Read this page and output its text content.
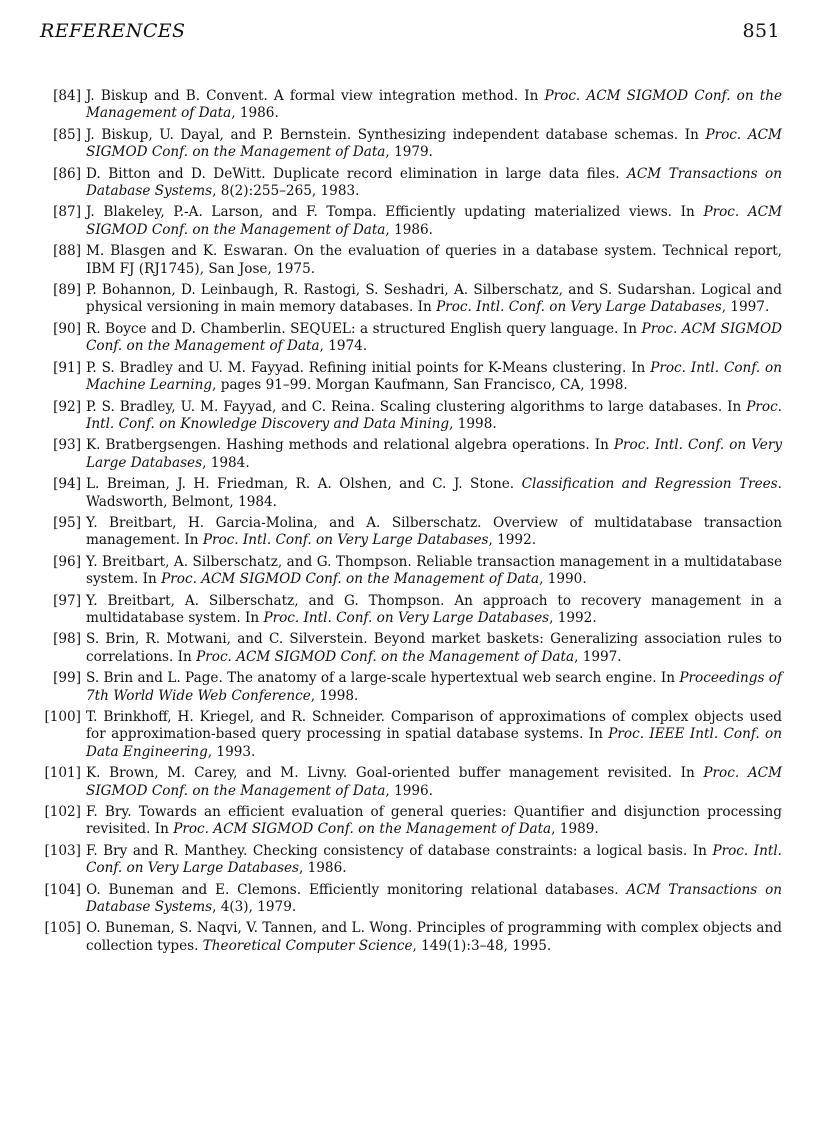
REFERENCES	851
[84] J. Biskup and B. Convent. A formal view integration method. In Proc. ACM SIGMOD Conf. on the Management of Data, 1986.
[85] J. Biskup, U. Dayal, and P. Bernstein. Synthesizing independent database schemas. In Proc. ACM SIGMOD Conf. on the Management of Data, 1979.
[86] D. Bitton and D. DeWitt. Duplicate record elimination in large data files. ACM Transactions on Database Systems, 8(2):255–265, 1983.
[87] J. Blakeley, P.-A. Larson, and F. Tompa. Efficiently updating materialized views. In Proc. ACM SIGMOD Conf. on the Management of Data, 1986.
[88] M. Blasgen and K. Eswaran. On the evaluation of queries in a database system. Technical report, IBM FJ (RJ1745), San Jose, 1975.
[89] P. Bohannon, D. Leinbaugh, R. Rastogi, S. Seshadri, A. Silberschatz, and S. Sudarshan. Logical and physical versioning in main memory databases. In Proc. Intl. Conf. on Very Large Databases, 1997.
[90] R. Boyce and D. Chamberlin. SEQUEL: a structured English query language. In Proc. ACM SIGMOD Conf. on the Management of Data, 1974.
[91] P. S. Bradley and U. M. Fayyad. Refining initial points for K-Means clustering. In Proc. Intl. Conf. on Machine Learning, pages 91–99. Morgan Kaufmann, San Francisco, CA, 1998.
[92] P. S. Bradley, U. M. Fayyad, and C. Reina. Scaling clustering algorithms to large databases. In Proc. Intl. Conf. on Knowledge Discovery and Data Mining, 1998.
[93] K. Bratbergsengen. Hashing methods and relational algebra operations. In Proc. Intl. Conf. on Very Large Databases, 1984.
[94] L. Breiman, J. H. Friedman, R. A. Olshen, and C. J. Stone. Classification and Regression Trees. Wadsworth, Belmont, 1984.
[95] Y. Breitbart, H. Garcia-Molina, and A. Silberschatz. Overview of multidatabase transaction management. In Proc. Intl. Conf. on Very Large Databases, 1992.
[96] Y. Breitbart, A. Silberschatz, and G. Thompson. Reliable transaction management in a multidatabase system. In Proc. ACM SIGMOD Conf. on the Management of Data, 1990.
[97] Y. Breitbart, A. Silberschatz, and G. Thompson. An approach to recovery management in a multidatabase system. In Proc. Intl. Conf. on Very Large Databases, 1992.
[98] S. Brin, R. Motwani, and C. Silverstein. Beyond market baskets: Generalizing association rules to correlations. In Proc. ACM SIGMOD Conf. on the Management of Data, 1997.
[99] S. Brin and L. Page. The anatomy of a large-scale hypertextual web search engine. In Proceedings of 7th World Wide Web Conference, 1998.
[100] T. Brinkhoff, H. Kriegel, and R. Schneider. Comparison of approximations of complex objects used for approximation-based query processing in spatial database systems. In Proc. IEEE Intl. Conf. on Data Engineering, 1993.
[101] K. Brown, M. Carey, and M. Livny. Goal-oriented buffer management revisited. In Proc. ACM SIGMOD Conf. on the Management of Data, 1996.
[102] F. Bry. Towards an efficient evaluation of general queries: Quantifier and disjunction processing revisited. In Proc. ACM SIGMOD Conf. on the Management of Data, 1989.
[103] F. Bry and R. Manthey. Checking consistency of database constraints: a logical basis. In Proc. Intl. Conf. on Very Large Databases, 1986.
[104] O. Buneman and E. Clemons. Efficiently monitoring relational databases. ACM Transactions on Database Systems, 4(3), 1979.
[105] O. Buneman, S. Naqvi, V. Tannen, and L. Wong. Principles of programming with complex objects and collection types. Theoretical Computer Science, 149(1):3–48, 1995.
